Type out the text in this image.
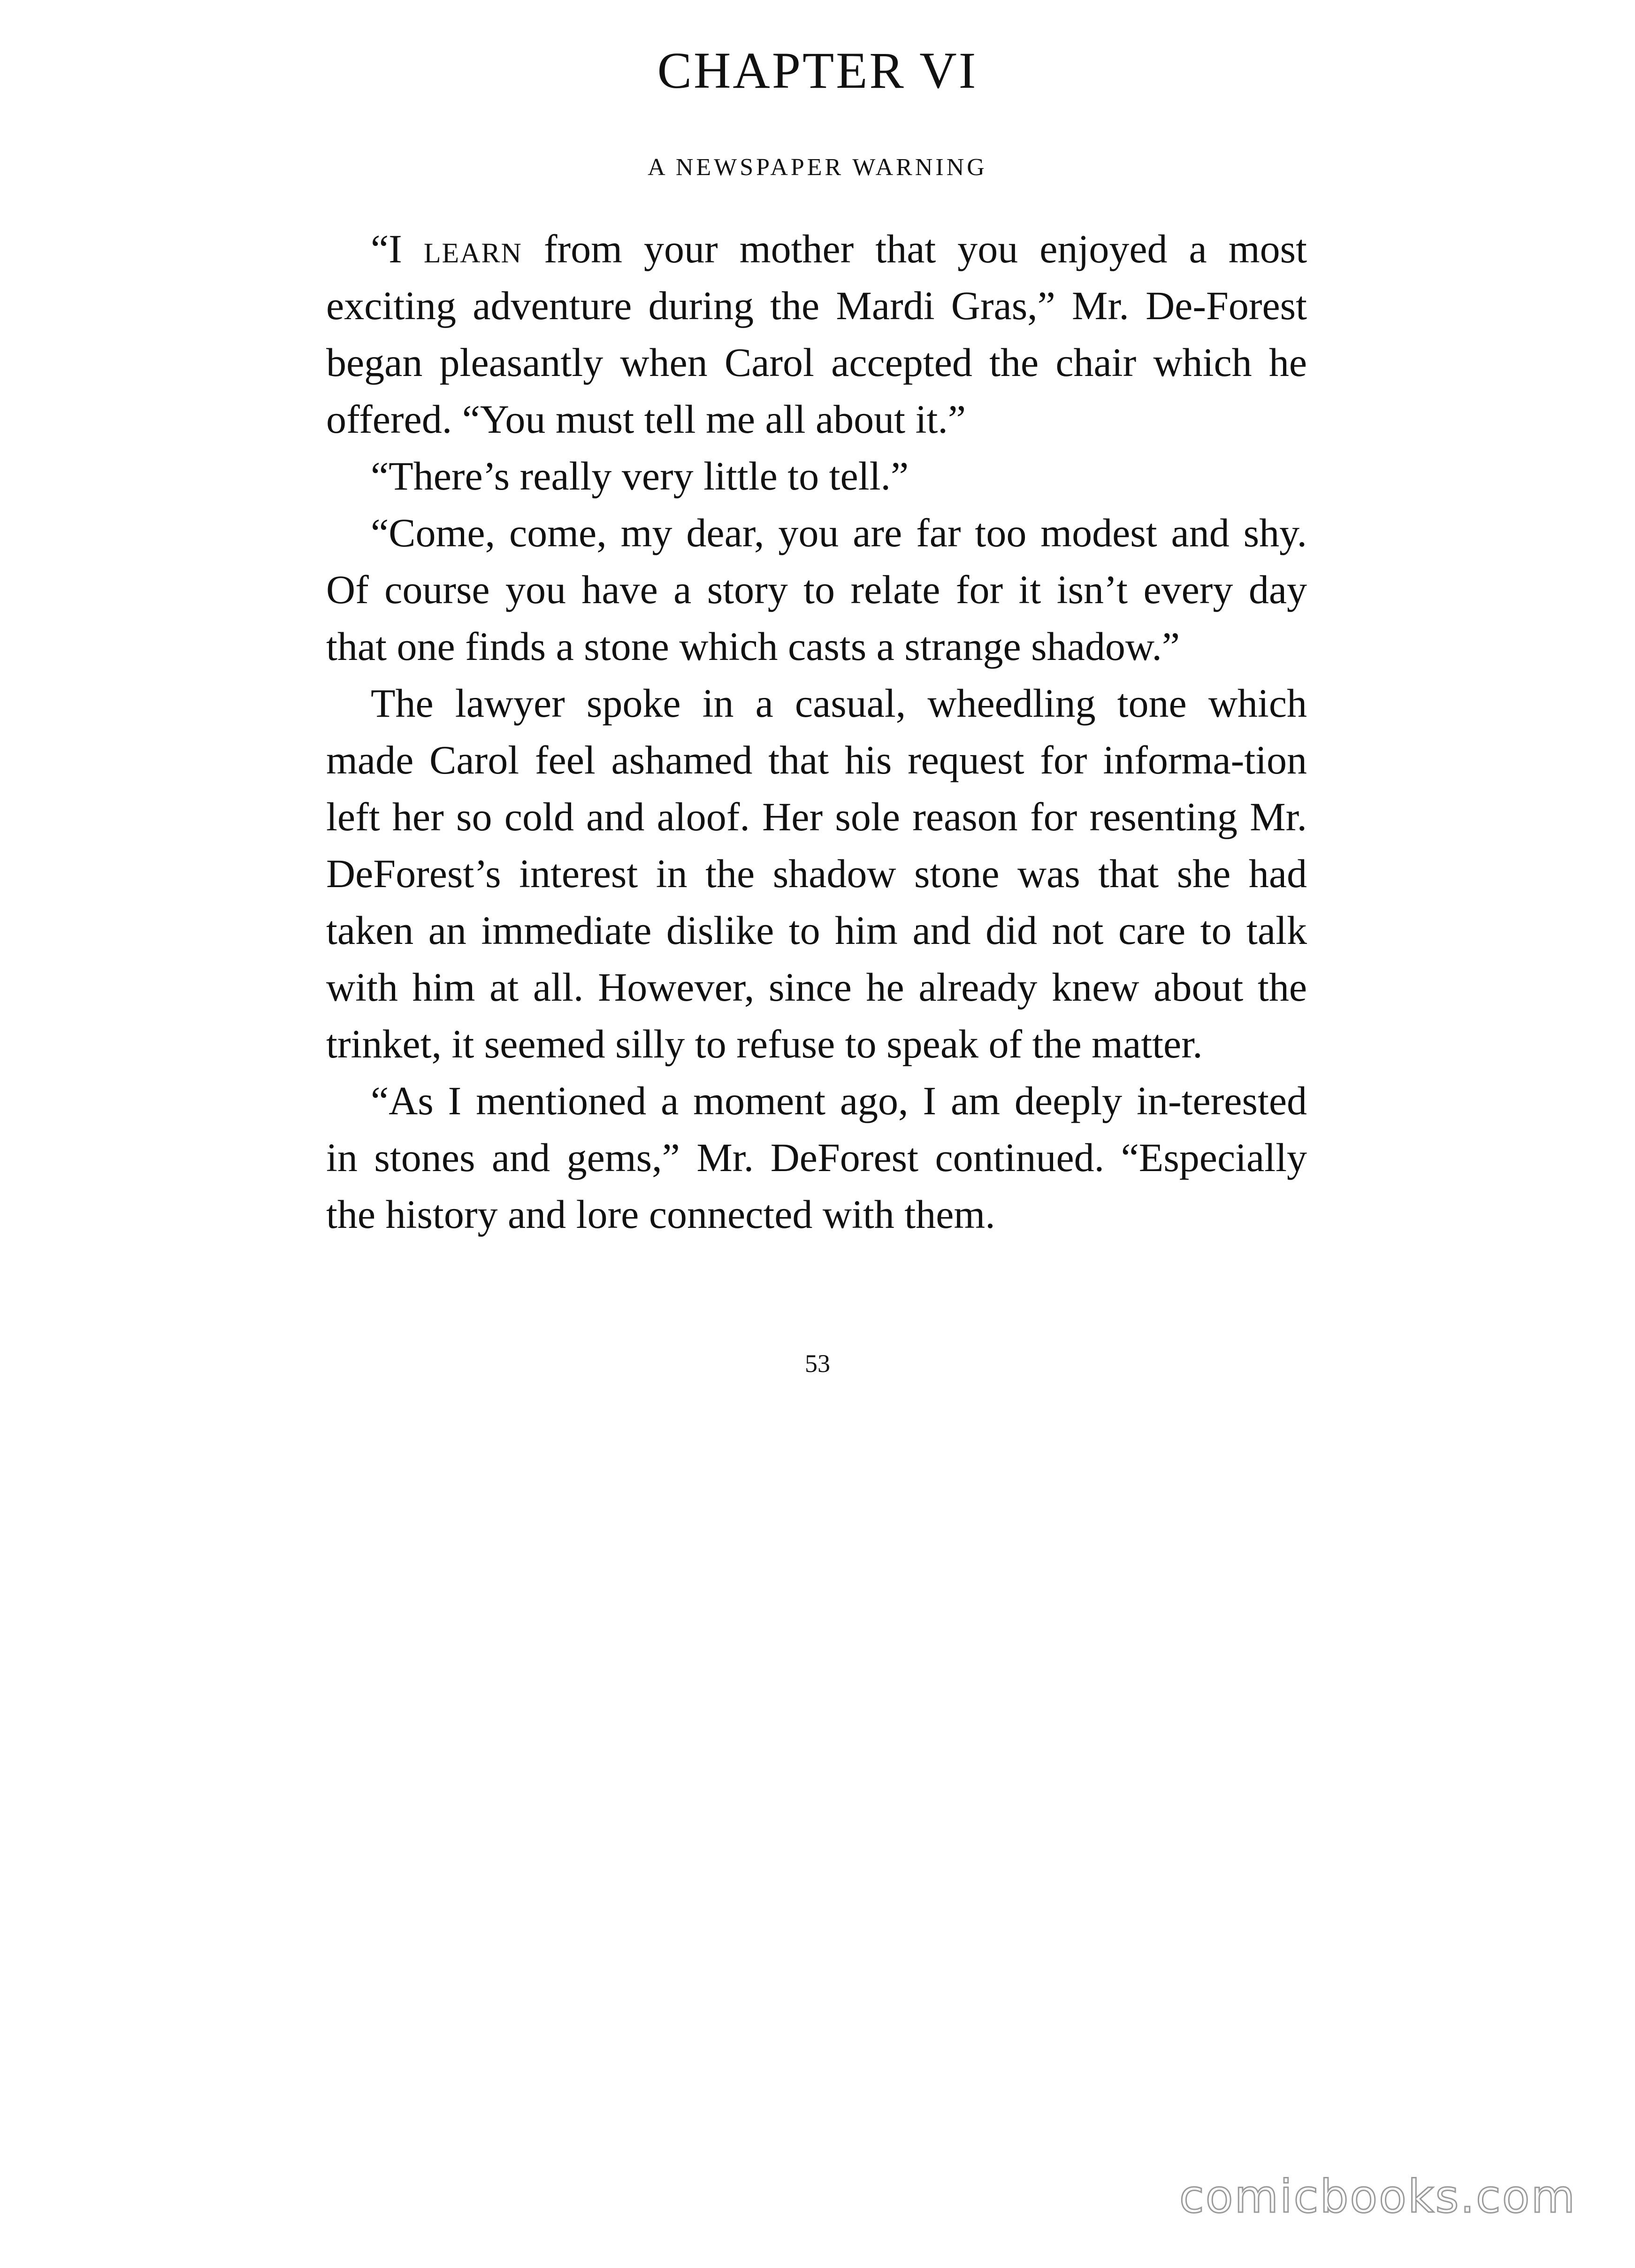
CHAPTER VI
A NEWSPAPER WARNING

“I learn from your mother that you enjoyed a most exciting adventure during the Mardi Gras,” Mr. De-Forest began pleasantly when Carol accepted the chair which he offered. “You must tell me all about it.”

“There’s really very little to tell.”

“Come, come, my dear, you are far too modest and shy. Of course you have a story to relate for it isn’t every day that one finds a stone which casts a strange shadow.”

The lawyer spoke in a casual, wheedling tone which made Carol feel ashamed that his request for informa-tion left her so cold and aloof. Her sole reason for resenting Mr. DeForest’s interest in the shadow stone was that she had taken an immediate dislike to him and did not care to talk with him at all. However, since he already knew about the trinket, it seemed silly to refuse to speak of the matter.

“As I mentioned a moment ago, I am deeply in-terested in stones and gems,” Mr. DeForest continued. “Especially the history and lore connected with them.

53
comicbooks.com
